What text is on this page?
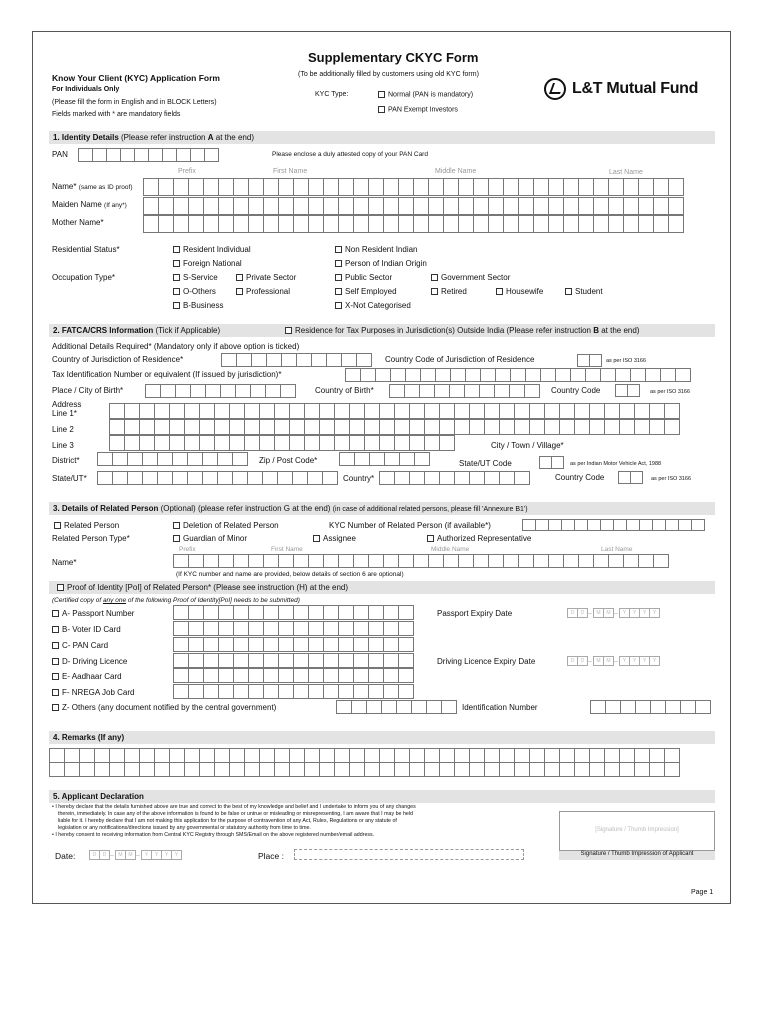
Supplementary CKYC Form
(To be additionally filled by customers using old KYC form)
Know Your Client (KYC) Application Form
For Individuals Only
(Please fill the form in English and in BLOCK Letters)
Fields marked with * are mandatory fields
KYC Type:	Normal (PAN is mandatory)
PAN Exempt Investors
L&T Mutual Fund
1. Identity Details (Please refer instruction A at the end)
PAN	Please enclose a duly attested copy of your PAN Card
Prefix	First Name	Middle Name	Last Name
Name* (same as ID proof)
Maiden Name (If any*)
Mother Name*
Residential Status*	Resident Individual	Non Resident Indian
Foreign National	Person of Indian Origin
Occupation Type*	S-Service	Private Sector	Public Sector	Government Sector
O-Others	Professional	Self Employed	Retired	Housewife	Student
B-Business	X-Not Categorised
2. FATCA/CRS Information (Tick if Applicable)	Residence for Tax Purposes in Jurisdiction(s) Outside India (Please refer instruction B at the end)
Additional Details Required* (Mandatory only if above option is ticked)
Country of Jurisdiction of Residence*	Country Code of Jurisdiction of Residence	as per ISO 3166
Tax Identification Number or equivalent (If issued by jurisdiction)*
Place / City of Birth*	Country of Birth*	Country Code	as per ISO 3166
Address
Line 1*
Line 2
Line 3	City / Town / Village*
District*	Zip / Post Code*	State/UT Code	as per Indian Motor Vehicle Act, 1988
State/UT*	Country*	Country Code	as per ISO 3166
3. Details of Related Person (Optional) (please refer instruction G at the end) (in case of additional related persons, please fill 'Annexure B1')
Related Person	Deletion of Related Person	KYC Number of Related Person (if available*)
Related Person Type*	Guardian of Minor	Assignee	Authorized Representative
Prefix	First Name	Middle Name	Last Name
Name*
(If KYC number and name are provided, below details of section 6 are optional)
Proof of Identity [PoI] of Related Person* (Please see instruction (H) at the end)
(Certified copy of any one of the following Proof of Identity[PoI] needs to be submitted)
A- Passport Number	Passport Expiry Date	D	D – M	M – Y	Y	Y	Y
B- Voter ID Card
C- PAN Card
D- Driving Licence	Driving Licence Expiry Date	D	D – M	M – Y	Y	Y	Y
E- Aadhaar Card
F- NREGA Job Card
Z- Others (any document notified by the central government)	Identification Number
4. Remarks (If any)
5. Applicant Declaration
• I hereby declare that the details furnished above are true and correct to the best of my knowledge and belief and I undertake to inform you of any changes
therein, immediately. In case any of the above information is found to be false or untrue or misleading or misrepresenting, I am aware that I may be held
liable for it. I hereby declare that I am not making this application for the purpose of contravention of any Act, Rules, Regulations or any statute of
legislation or any notifications/directions issued by any governmental or statutory authority from time to time.
• I hereby consent to receiving information from Central KYC Registry through SMS/Email on the above registered number/email address.
[Signature / Thumb Impression]
Signature / Thumb Impression of Applicant
Date:	D	D – M	M – Y	Y	Y	Y	Place :
Page 1
